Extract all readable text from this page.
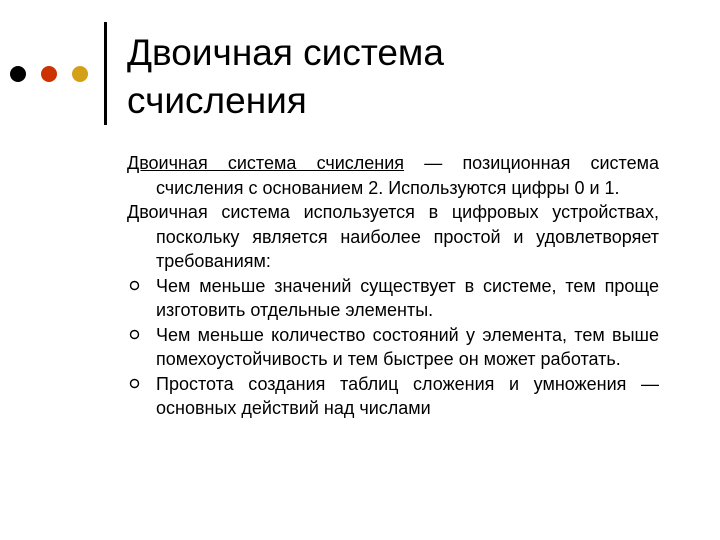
Двоичная система
счисления

Двоичная система счисления — позиционная система счисления с основанием 2. Используются цифры 0 и 1.

Двоичная система используется в цифровых устройствах, поскольку является наиболее простой и удовлетворяет требованиям:

Чем меньше значений существует в системе, тем проще изготовить отдельные элементы.

Чем меньше количество состояний у элемента, тем выше помехоустойчивость и тем быстрее он может работать.

Простота создания таблиц сложения и умножения — основных действий над числами
